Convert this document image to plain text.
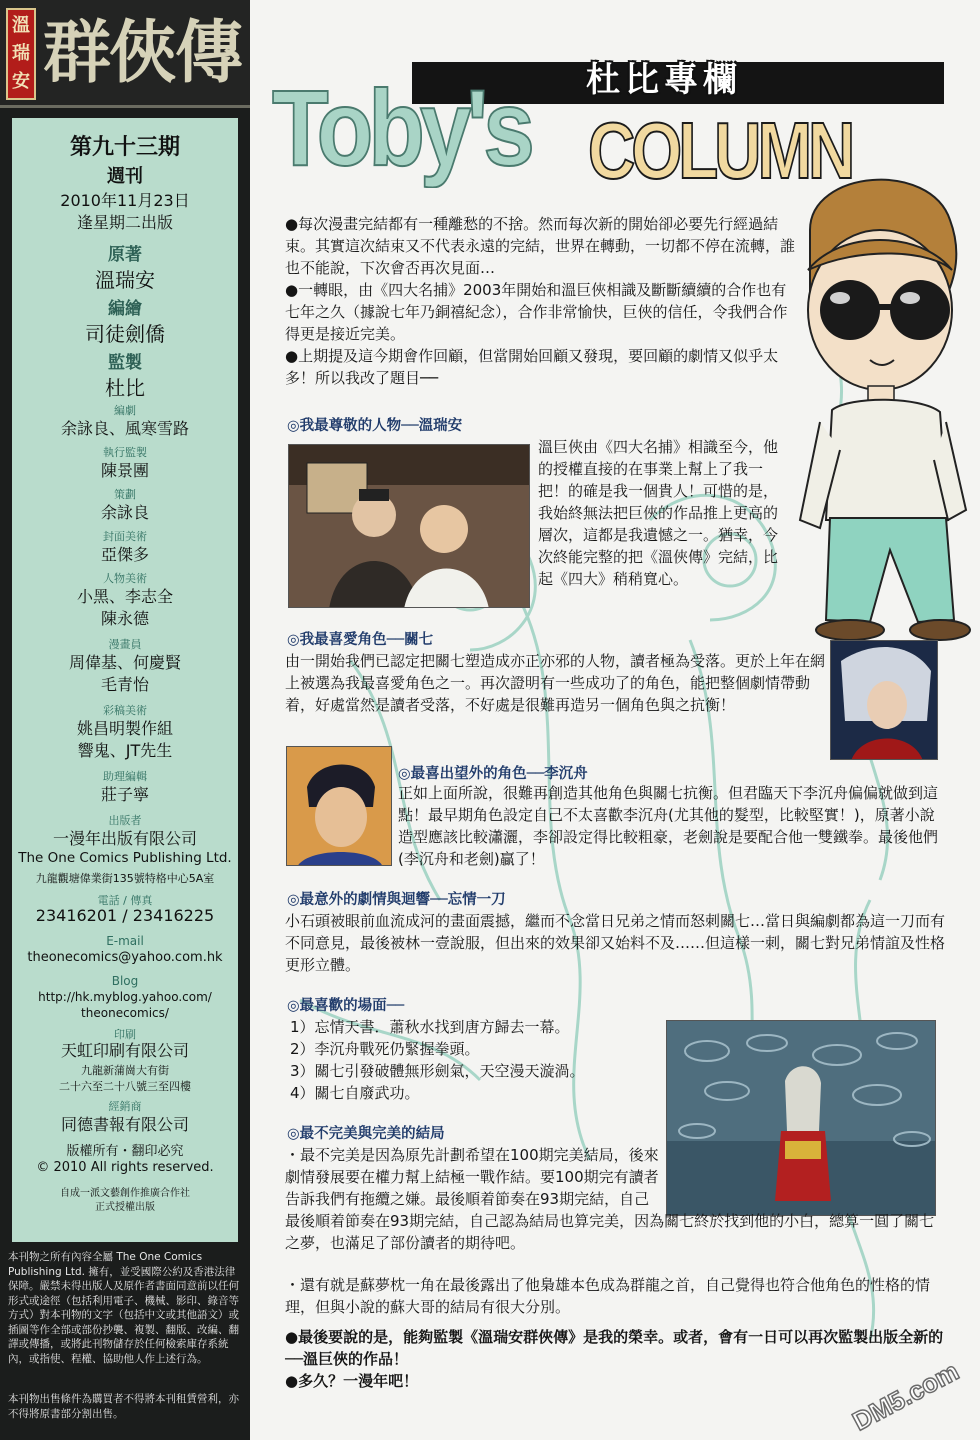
溫
瑞
安 群俠傳
第九十三期
週刊
2010年11月23日
逢星期二出版
原著
溫瑞安
編繪
司徒劍僑
監製
杜比
編劇
余詠良、風寒雪路
執行監製
陳景團
策劃
余詠良
封面美術
亞傑多
人物美術
小黑、李志全
陳永德
漫畫員
周偉基、何慶賢
毛青怡
彩稿美術
姚昌明製作組
響鬼、JT先生
助理編輯
莊子寧
出版者
一漫年出版有限公司
The One Comics Publishing Ltd.
九龍觀塘偉業街135號特格中心5A室
電話 / 傳真
23416201 / 23416225
E-mail
theonecomics@yahoo.com.hk
Blog
http://hk.myblog.yahoo.com/
theonecomics/
印刷
天虹印刷有限公司
九龍新蒲崗大有街
二十六至二十八號三至四樓
經銷商
同德書報有限公司
版權所有・翻印必究
© 2010 All rights reserved.
自成一派文藝創作推廣合作社
正式授權出版
本刊物之所有內容全屬 The One Comics Publishing Ltd. 擁有，並受國際公約及香港法律保障。嚴禁未得出版人及原作者書面同意前以任何形式或途徑（包括利用電子、機械、影印、錄音等方式）對本刊物的文字（包括中文或其他語文）或插圖等作全部或部份抄襲、複製、翻版、改編、翻譯或傳播，或將此刊物儲存於任何檢索庫存系統內，或指使、程權、協助他人作上述行為。
本刊物出售條件為購買者不得將本刊租賃營利，亦不得將原書部分割出售。
Toby's COLUMN
杜比專欄
●每次漫畫完結都有一種離愁的不捨。然而每次新的開始卻必要先行經過結束。其實這次結束又不代表永遠的完結，世界在轉動，一切都不停在流轉，誰也不能說，下次會否再次見面…
●一轉眼，由《四大名捕》2003年開始和溫巨俠相識及斷斷續續的合作也有七年之久（據說七年乃銅禧紀念），合作非常愉快，巨俠的信任，令我們合作得更是接近完美。
●上期提及這今期會作回顧，但當開始回顧又發現，要回顧的劇情又似乎太多！所以我改了題目──
◎我最尊敬的人物──溫瑞安
溫巨俠由《四大名捕》相識至今，他的授權直接的在事業上幫上了我一把！的確是我一個貴人！可惜的是，我始終無法把巨俠的作品推上更高的層次，這都是我遺憾之一。猶幸，今次終能完整的把《溫俠傳》完結，比起《四大》稍稍寬心。
◎我最喜愛角色──關七
由一開始我們已認定把關七塑造成亦正亦邪的人物，讀者極為受落。更於上年在網上被選為我最喜愛角色之一。再次證明有一些成功了的角色，能把整個劇情帶動着，好處當然是讀者受落，不好處是很難再造另一個角色與之抗衡！
◎最喜出望外的角色──李沉舟
正如上面所說，很難再創造其他角色與關七抗衡。但君臨天下李沉舟偏偏就做到這點！最早期角色設定自己不太喜歡李沉舟(尤其他的髮型，比較堅實！)，原著小說造型應該比較瀟灑，李卻設定得比較粗豪，老劍說是要配合他一雙鐵拳。最後他們(李沉舟和老劍)贏了！
◎最意外的劇情與迴響──忘情一刀
小石頭被眼前血流成河的畫面震撼，繼而不念當日兄弟之情而怒刺關七…當日與編劇都為這一刀而有不同意見，最後被林一壹說服，但出來的效果卻又始料不及……但這樣一刺，關七對兄弟情誼及性格更形立體。
◎最喜歡的場面──
1）忘情天書．蕭秋水找到唐方歸去一幕。
2）李沉舟戰死仍緊握拳頭。
3）關七引發破體無形劍氣，天空漫天漩渦。
4）關七自廢武功。
◎最不完美與完美的結局
・最不完美是因為原先計劃希望在100期完美結局，後來劇情發展要在權力幫上結極一戰作結。要100期完有讀者告訴我們有拖纜之嫌。最後順着節奏在93期完結，自己
最後順着節奏在93期完結，自己認為結局也算完美，因為關七終於找到他的小白，總算一圓了關七之夢，也滿足了部份讀者的期待吧。
・還有就是蘇夢枕一角在最後露出了他梟雄本色成為群龍之首，自己覺得也符合他角色的性格的情理，但與小說的蘇大哥的結局有很大分別。
●最後要說的是，能夠監製《溫瑞安群俠傳》是我的榮幸。或者，會有一日可以再次監製出版全新的──溫巨俠的作品！
●多久？一漫年吧！	DM5.com
